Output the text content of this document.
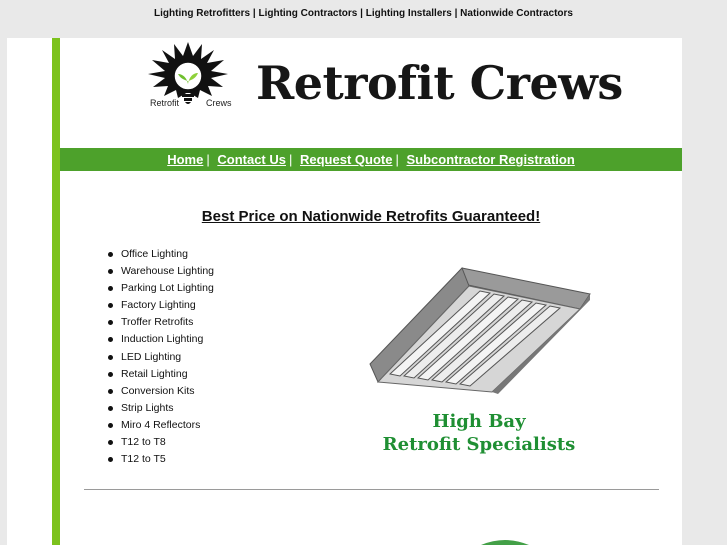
Lighting Retrofitters | Lighting Contractors | Lighting Installers | Nationwide Contractors
Retrofit	Crews Retrofit Crews
Home | Contact Us | Request Quote | Subcontractor Registration
Best Price on Nationwide Retrofits Guaranteed!
Office Lighting
Warehouse Lighting
Parking Lot Lighting
Factory Lighting
Troffer Retrofits
Induction Lighting
LED Lighting
Retail Lighting
Conversion Kits
Strip Lights
Miro 4 Reflectors
T12 to T8
T12 to T5
High Bay
Retrofit Specialists
